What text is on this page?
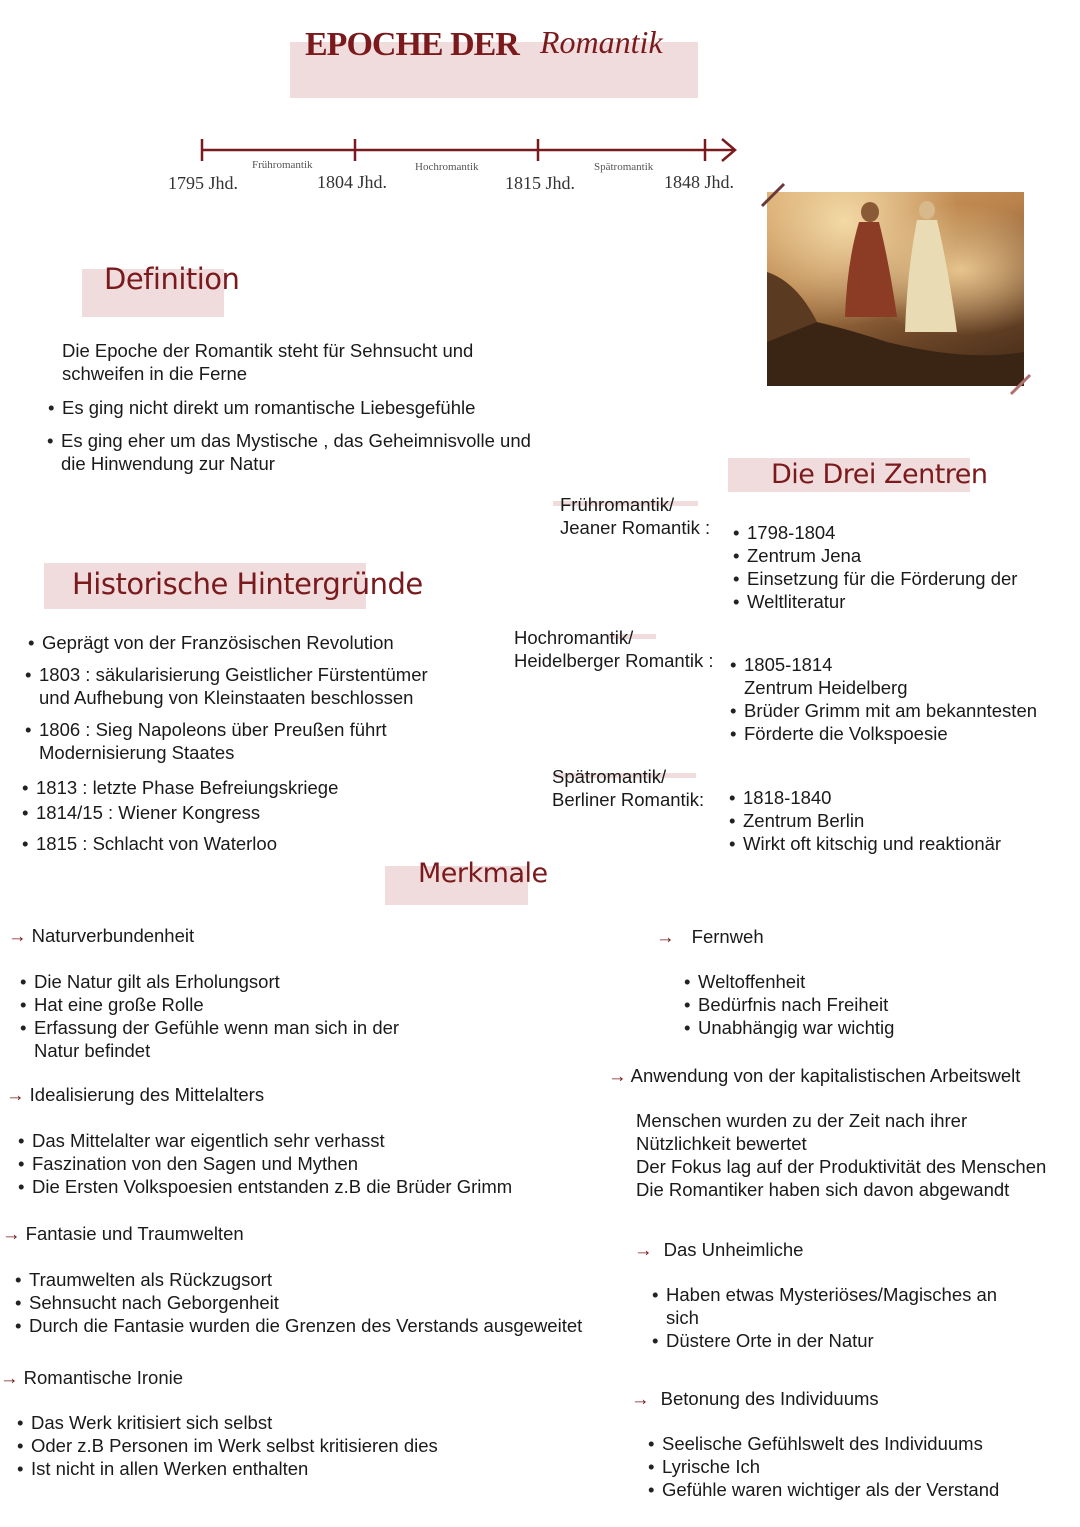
EPOCHE DER Romantik
Frühromantik	Hochromantik	Spätromantik
1795 Jhd.	1804 Jhd.	1815 Jhd.	1848 Jhd.
Definition
Die Epoche der Romantik steht für Sehnsucht und
schweifen in die Ferne
• Es ging nicht direkt um romantische Liebesgefühle
• Es ging eher um das Mystische , das Geheimnisvolle und
die Hinwendung zur Natur
Historische Hintergründe
• Geprägt von der Französischen Revolution
• 1803 : säkularisierung Geistlicher Fürstentümer
und Aufhebung von Kleinstaaten beschlossen
• 1806 : Sieg Napoleons über Preußen führt
Modernisierung Staates
• 1813 : letzte Phase Befreiungskriege
• 1814/15 : Wiener Kongress
• 1815 : Schlacht von Waterloo
Die Drei Zentren
Frühromantik/
Jeaner Romantik : • 1798-1804
• Zentrum Jena
• Einsetzung für die Förderung der
• Weltliteratur
Hochromantik/
Heidelberger Romantik : • 1805-1814
Zentrum Heidelberg
• Brüder Grimm mit am bekanntesten
• Förderte die Volkspoesie
Spätromantik/
Berliner Romantik: • 1818-1840
• Zentrum Berlin
• Wirkt oft kitschig und reaktionär
Merkmale
→ Naturverbundenheit
• Die Natur gilt als Erholungsort
• Hat eine große Rolle
• Erfassung der Gefühle wenn man sich in der
Natur befindet
→ Idealisierung des Mittelalters
• Das Mittelalter war eigentlich sehr verhasst
• Faszination von den Sagen und Mythen
• Die Ersten Volkspoesien entstanden z.B die Brüder Grimm
→ Fantasie und Traumwelten
• Traumwelten als Rückzugsort
• Sehnsucht nach Geborgenheit
• Durch die Fantasie wurden die Grenzen des Verstands ausgeweitet
→ Romantische Ironie
• Das Werk kritisiert sich selbst
• Oder z.B Personen im Werk selbst kritisieren dies
• Ist nicht in allen Werken enthalten
→ Fernweh
• Weltoffenheit
• Bedürfnis nach Freiheit
• Unabhängig war wichtig
→ Anwendung von der kapitalistischen Arbeitswelt
Menschen wurden zu der Zeit nach ihrer
Nützlichkeit bewertet
Der Fokus lag auf der Produktivität des Menschen
Die Romantiker haben sich davon abgewandt
→ Das Unheimliche
• Haben etwas Mysteriöses/Magisches an
sich
• Düstere Orte in der Natur
→ Betonung des Individuums
• Seelische Gefühlswelt des Individuums
• Lyrische Ich
• Gefühle waren wichtiger als der Verstand
